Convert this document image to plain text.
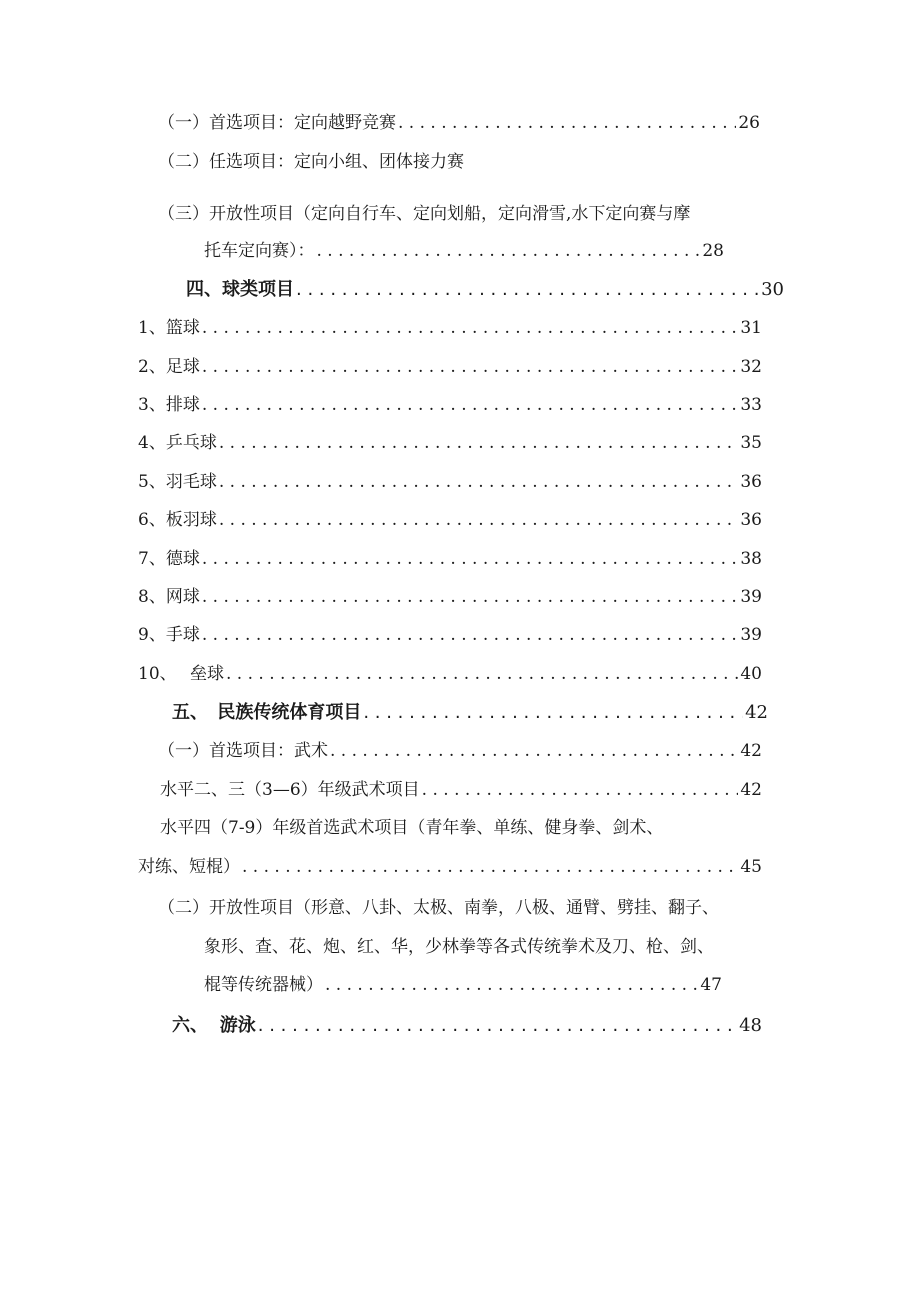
（一）首选项目：定向越野竞赛 . . .	26
（二）任选项目：定向小组、团体接力赛
（三）开放性项目（定向自行车、定向划船，定向滑雪,水下定向赛与摩
托车定向赛）： . . .	28
四、球类项目 . . .	30
1、篮球 . . .	31
2、足球 . . .	32
3、排球 . . .	33
4、乒乓球 . . .	35
5、羽毛球 . . .	36
6、板羽球 . . .	36
7、德球 . . .	38
8、网球 . . .	39
9、手球 . . .	39
10、 垒球 . . .	40
五、 民族传统体育项目 . . .	42
（一）首选项目：武术 . . .	42
水平二、三（3—6）年级武术项目 . . .	42
水平四（7-9）年级首选武术项目（青年拳、单练、健身拳、剑术、
对练、短棍） . . .	45
（二）开放性项目（形意、八卦、太极、南拳，八极、通臂、劈挂、翻子、
象形、查、花、炮、红、华，少林拳等各式传统拳术及刀、枪、剑、
棍等传统器械） . . .	47
六、 游泳 . . .	48
